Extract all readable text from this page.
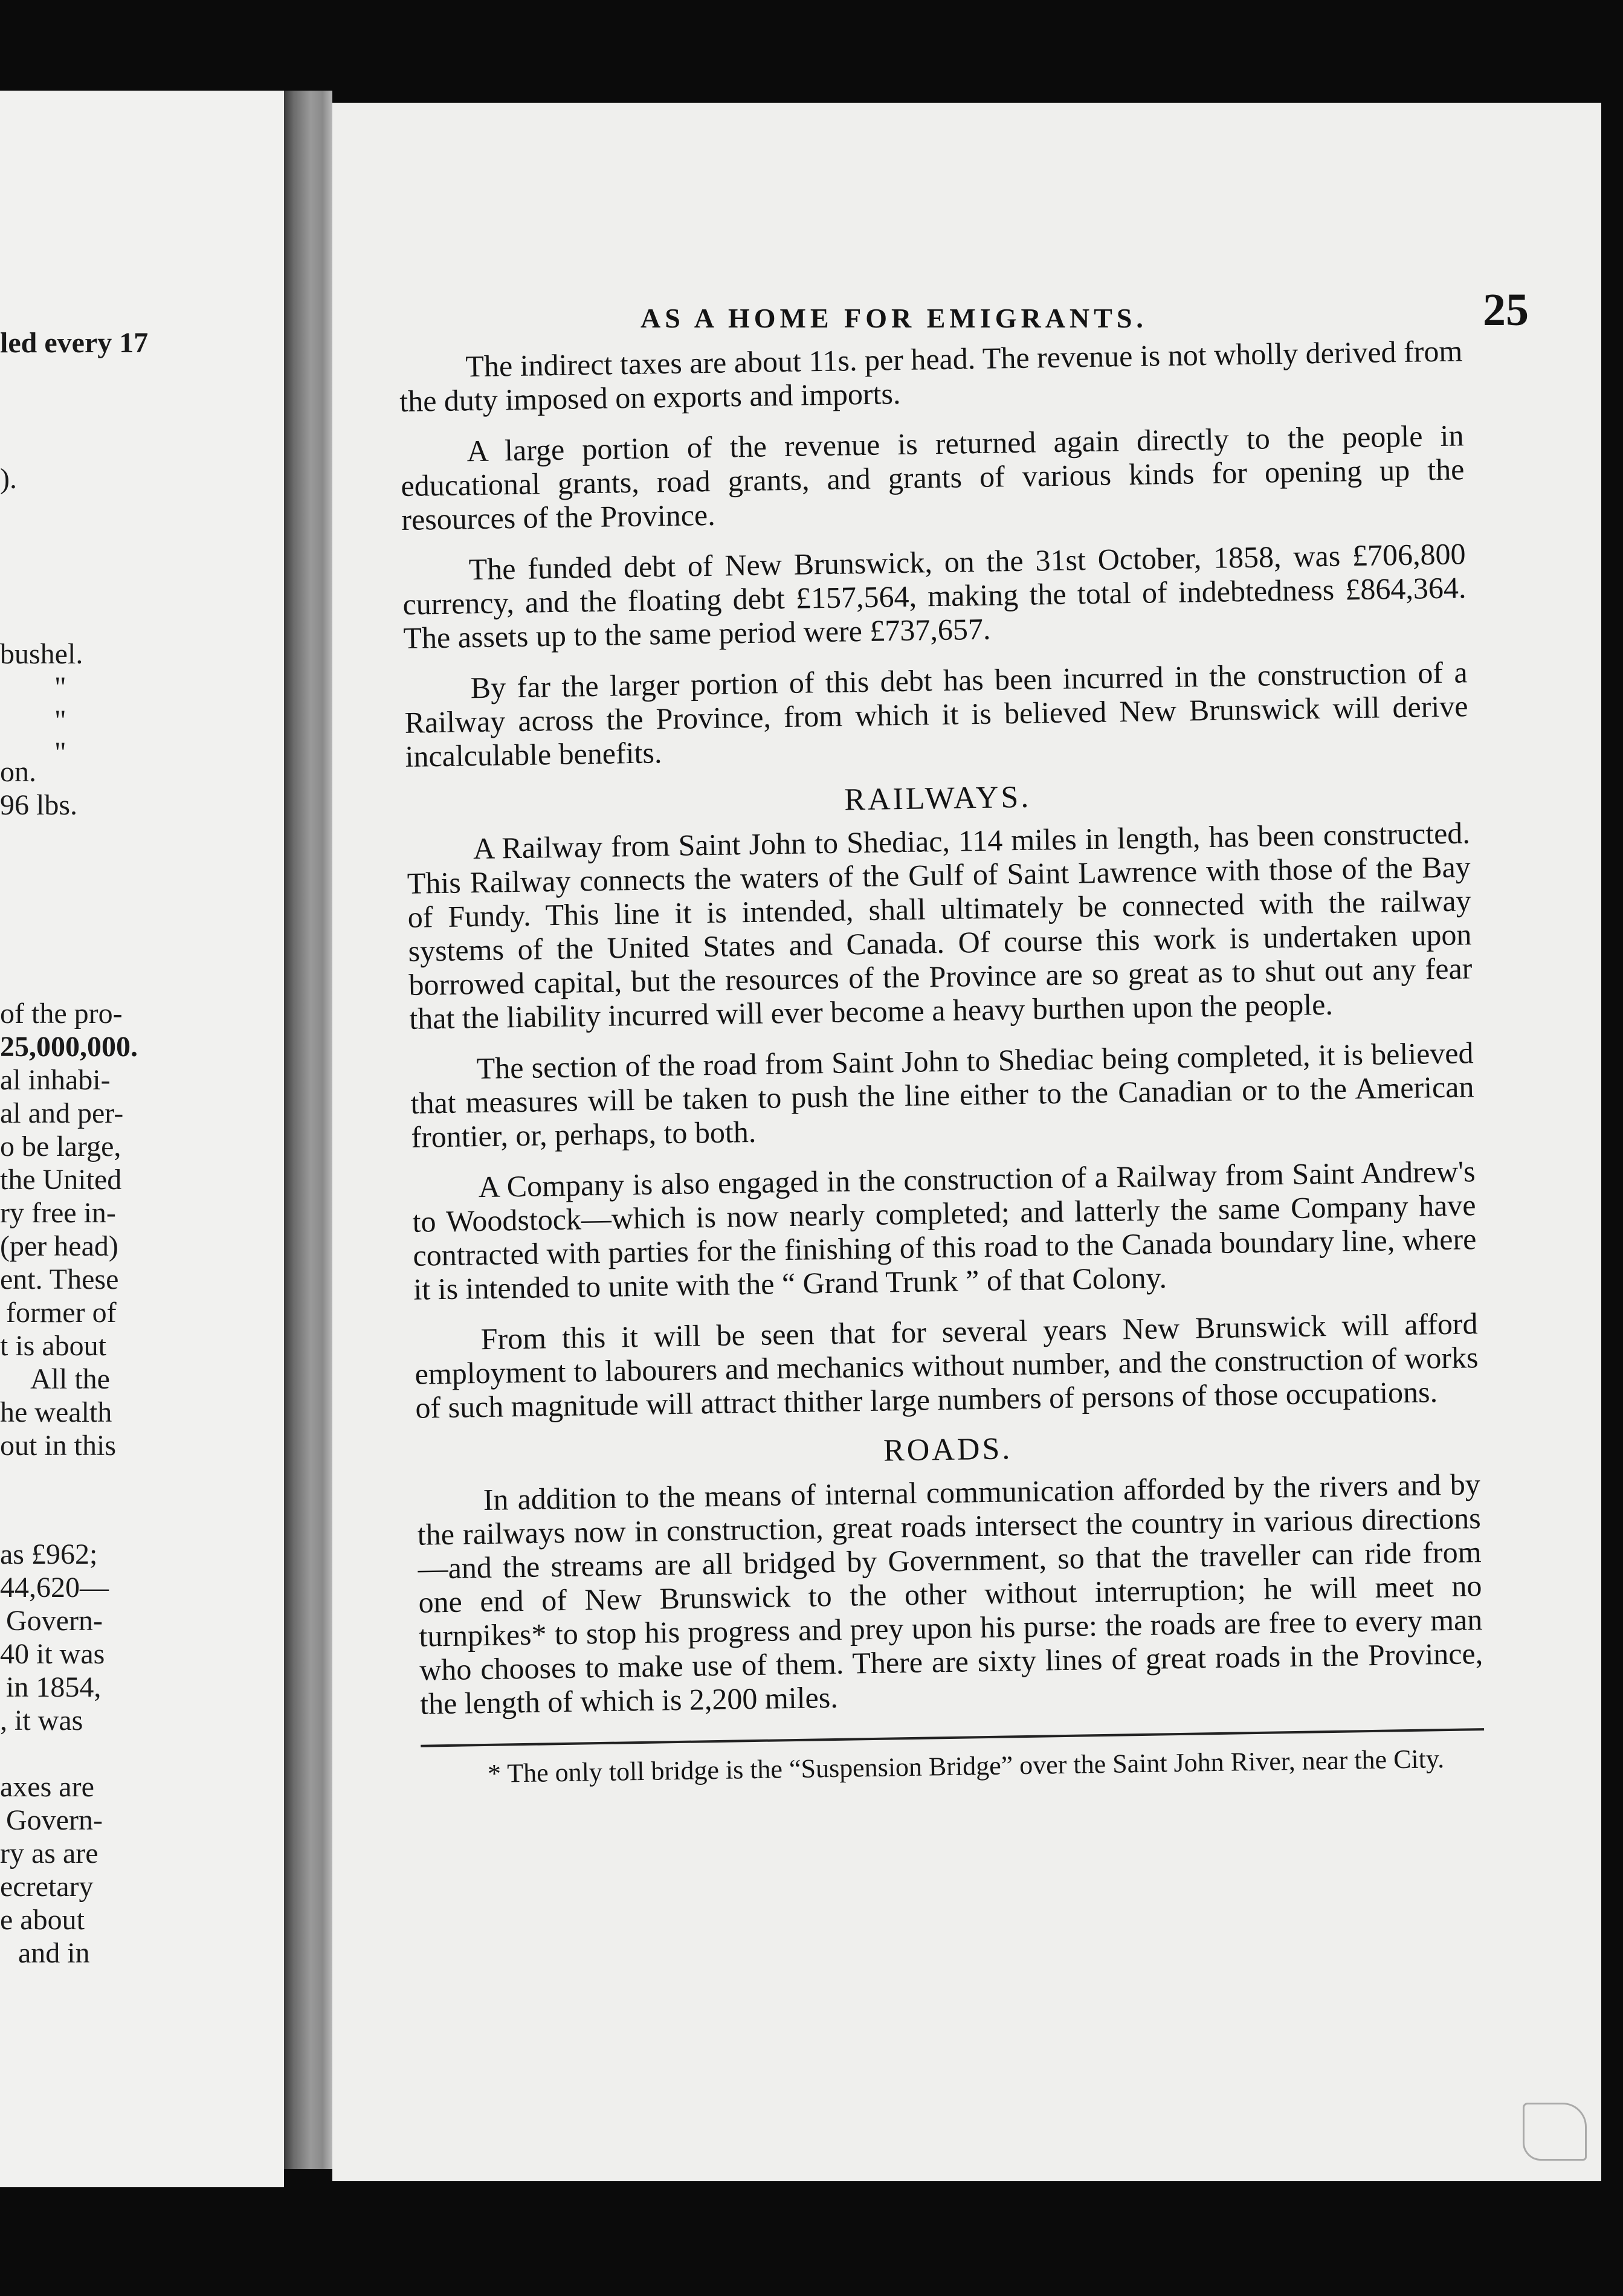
led every 17
).
bushel.
"
"
"
on.
96 lbs.
of the pro-
25,000,000.
al inhabi-
al and per-
o be large,
the United
ry free in-
(per head)
ent. These
former of
t is about
All the
he wealth
out in this
as £962;
44,620—
Govern-
40 it was
in 1854,
, it was
axes are
Govern-
ry as are
ecretary
e about
and in
AS A HOME FOR EMIGRANTS.	25

The indirect taxes are about 11s. per head. The revenue is not wholly derived from the duty imposed on exports and imports.

A large portion of the revenue is returned again directly to the people in educational grants, road grants, and grants of various kinds for opening up the resources of the Province.

The funded debt of New Brunswick, on the 31st October, 1858, was £706,800 currency, and the floating debt £157,564, making the total of indebtedness £864,364. The assets up to the same period were £737,657.

By far the larger portion of this debt has been incurred in the construction of a Railway across the Province, from which it is believed New Brunswick will derive incalculable benefits.

RAILWAYS.

A Railway from Saint John to Shediac, 114 miles in length, has been constructed. This Railway connects the waters of the Gulf of Saint Lawrence with those of the Bay of Fundy. This line it is intended, shall ultimately be connected with the railway systems of the United States and Canada. Of course this work is undertaken upon borrowed capital, but the resources of the Province are so great as to shut out any fear that the liability incurred will ever become a heavy burthen upon the people.

The section of the road from Saint John to Shediac being completed, it is believed that measures will be taken to push the line either to the Canadian or to the American frontier, or, perhaps, to both.

A Company is also engaged in the construction of a Railway from Saint Andrew's to Woodstock—which is now nearly completed; and latterly the same Company have contracted with parties for the finishing of this road to the Canada boundary line, where it is intended to unite with the “ Grand Trunk ” of that Colony.

From this it will be seen that for several years New Brunswick will afford employment to labourers and mechanics without number, and the construction of works of such magnitude will attract thither large numbers of persons of those occupations.

ROADS.

In addition to the means of internal communication afforded by the rivers and by the railways now in construction, great roads intersect the country in various directions—and the streams are all bridged by Government, so that the traveller can ride from one end of New Brunswick to the other without interruption; he will meet no turnpikes* to stop his progress and prey upon his purse: the roads are free to every man who chooses to make use of them. There are sixty lines of great roads in the Province, the length of which is 2,200 miles.

* The only toll bridge is the “Suspension Bridge” over the Saint John River, near the City.
